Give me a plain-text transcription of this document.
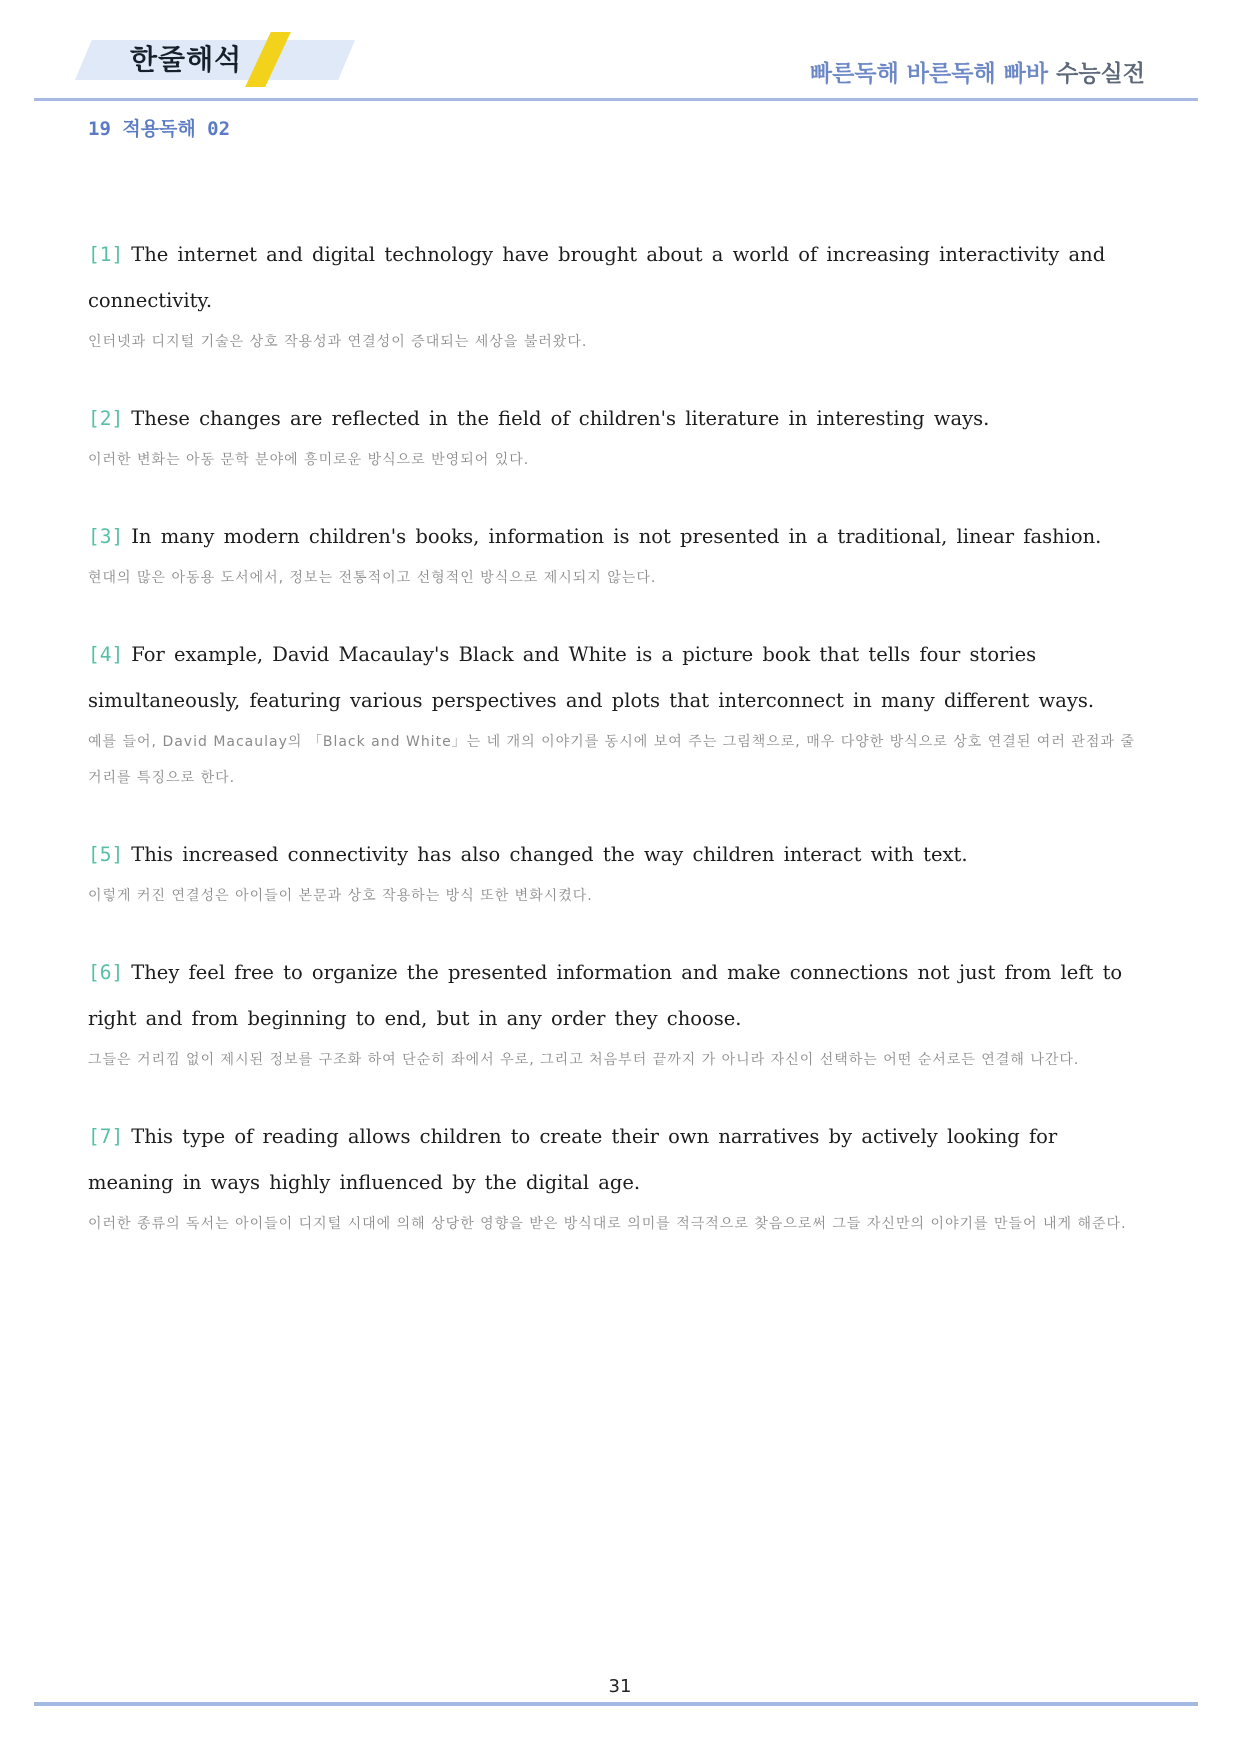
한줄해석	빠른독해 바른독해 빠바 수능실전
19 적용독해 02

[1] The internet and digital technology have brought about a world of increasing interactivity and connectivity.

인터넷과 디지털 기술은 상호 작용성과 연결성이 증대되는 세상을 불러왔다.

[2] These changes are reflected in the field of children's literature in interesting ways.

이러한 변화는 아동 문학 분야에 흥미로운 방식으로 반영되어 있다.

[3] In many modern children's books, information is not presented in a traditional, linear fashion.

현대의 많은 아동용 도서에서, 정보는 전통적이고 선형적인 방식으로 제시되지 않는다.

[4] For example, David Macaulay's Black and White is a picture book that tells four stories simultaneously, featuring various perspectives and plots that interconnect in many different ways.

예를 들어, David Macaulay의 「Black and White」는 네 개의 이야기를 동시에 보여 주는 그림책으로, 매우 다양한 방식으로 상호 연결된 여러 관점과 줄거리를 특징으로 한다.

[5] This increased connectivity has also changed the way children interact with text.

이렇게 커진 연결성은 아이들이 본문과 상호 작용하는 방식 또한 변화시켰다.

[6] They feel free to organize the presented information and make connections not just from left to right and from beginning to end, but in any order they choose.

그들은 거리낌 없이 제시된 정보를 구조화 하여 단순히 좌에서 우로, 그리고 처음부터 끝까지 가 아니라 자신이 선택하는 어떤 순서로든 연결해 나간다.

[7] This type of reading allows children to create their own narratives by actively looking for meaning in ways highly influenced by the digital age.

이러한 종류의 독서는 아이들이 디지털 시대에 의해 상당한 영향을 받은 방식대로 의미를 적극적으로 찾음으로써 그들 자신만의 이야기를 만들어 내게 해준다.

31
